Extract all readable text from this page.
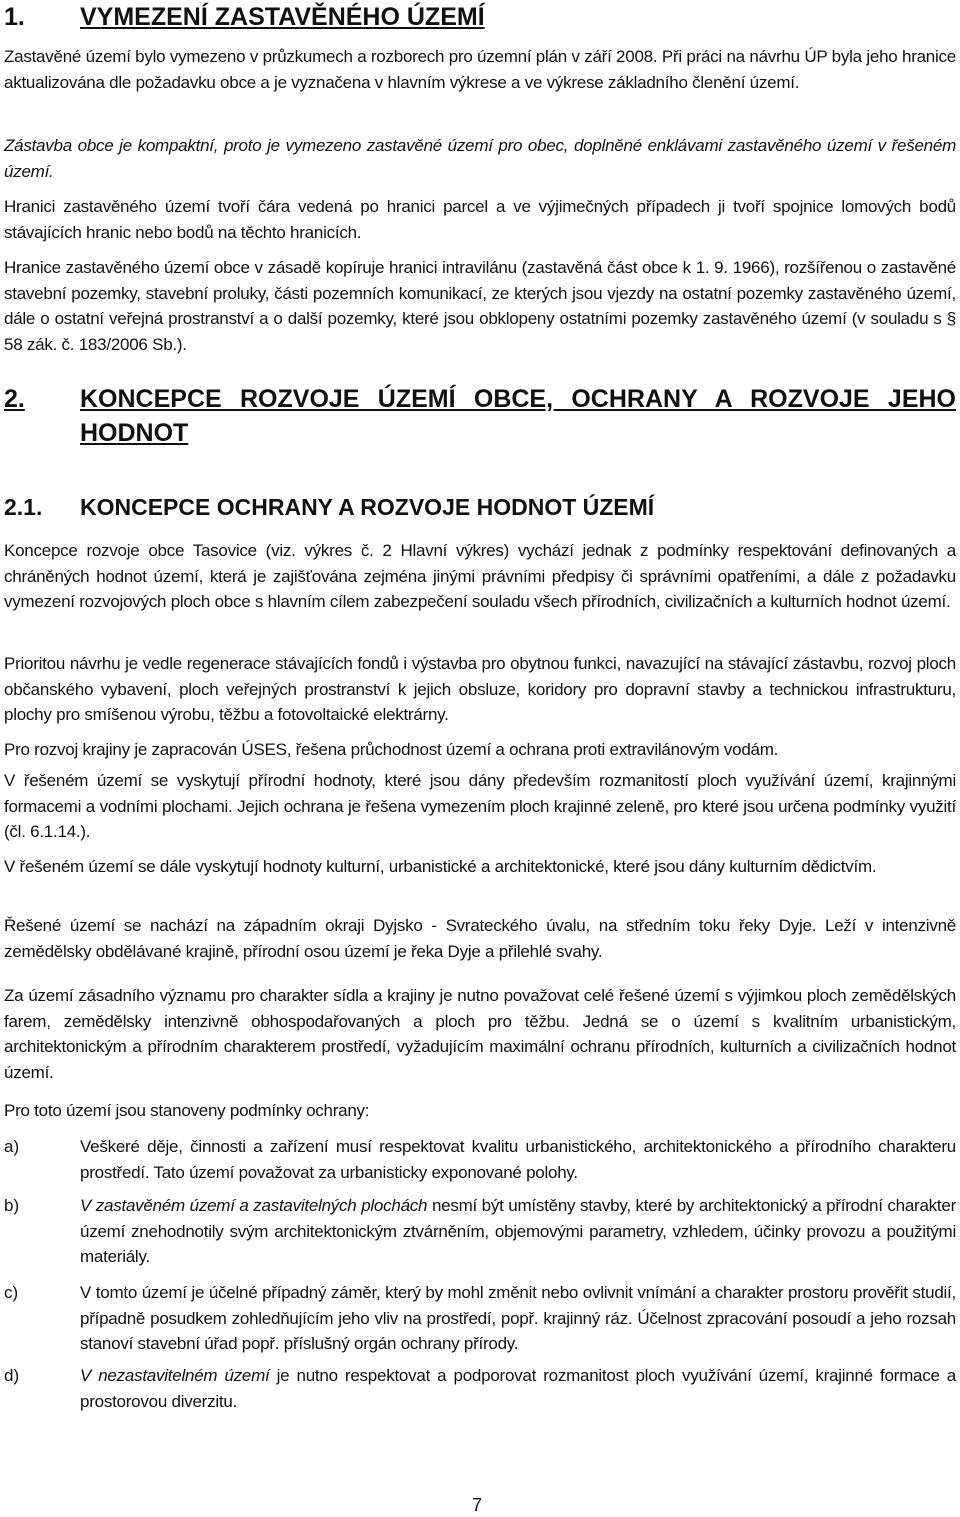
1. VYMEZENÍ ZASTAVĚNÉHO ÚZEMÍ
Zastavěné území bylo vymezeno v průzkumech a rozborech pro územní plán v září 2008. Při práci na návrhu ÚP byla jeho hranice aktualizována dle požadavku obce a je vyznačena v hlavním výkrese a ve výkrese základního členění území.
Zástavba obce je kompaktní, proto je vymezeno zastavěné území pro obec, doplněné enklávami zastavěného území v řešeném území.
Hranici zastavěného území tvoří čára vedená po hranici parcel a ve výjimečných případech ji tvoří spojnice lomových bodů stávajících hranic nebo bodů na těchto hranicích.
Hranice zastavěného území obce v zásadě kopíruje hranici intravilánu (zastavěná část obce k 1. 9. 1966), rozšířenou o zastavěné stavební pozemky, stavební proluky, části pozemních komunikací, ze kterých jsou vjezdy na ostatní pozemky zastavěného území, dále o ostatní veřejná prostranství a o další pozemky, které jsou obklopeny ostatními pozemky zastavěného území (v souladu s § 58 zák. č. 183/2006 Sb.).
2. KONCEPCE ROZVOJE ÚZEMÍ OBCE, OCHRANY A ROZVOJE JEHO HODNOT
2.1. KONCEPCE OCHRANY A ROZVOJE HODNOT ÚZEMÍ
Koncepce rozvoje obce Tasovice (viz. výkres č. 2 Hlavní výkres) vychází jednak z podmínky respektování definovaných a chráněných hodnot území, která je zajišťována zejména jinými právními předpisy či správními opatřeními, a dále z požadavku vymezení rozvojových ploch obce s hlavním cílem zabezpečení souladu všech přírodních, civilizačních a kulturních hodnot území.
Prioritou návrhu je vedle regenerace stávajících fondů i výstavba pro obytnou funkci, navazující na stávající zástavbu, rozvoj ploch občanského vybavení, ploch veřejných prostranství k jejich obsluze, koridory pro dopravní stavby a technickou infrastrukturu, plochy pro smíšenou výrobu, těžbu a fotovoltaické elektrárny.
Pro rozvoj krajiny je zapracován ÚSES, řešena průchodnost území a ochrana proti extravilánovým vodám.
V řešeném území se vyskytují přírodní hodnoty, které jsou dány především rozmanitostí ploch využívání území, krajinnými formacemi a vodními plochami. Jejich ochrana je řešena vymezením ploch krajinné zeleně, pro které jsou určena podmínky využití (čl. 6.1.14.).
V řešeném území se dále vyskytují hodnoty kulturní, urbanistické a architektonické, které jsou dány kulturním dědictvím.
Řešené území se nachází na západním okraji Dyjsko - Svrateckého úvalu, na středním toku řeky Dyje. Leží v intenzivně zemědělsky obdělávané krajině, přírodní osou území je řeka Dyje a přilehlé svahy.
Za území zásadního významu pro charakter sídla a krajiny je nutno považovat celé řešené území s výjimkou ploch zemědělských farem, zemědělsky intenzivně obhospodařovaných a ploch pro těžbu. Jedná se o území s kvalitním urbanistickým, architektonickým a přírodním charakterem prostředí, vyžadujícím maximální ochranu přírodních, kulturních a civilizačních hodnot území.
Pro toto území jsou stanoveny podmínky ochrany:
a)	Veškeré děje, činnosti a zařízení musí respektovat kvalitu urbanistického, architektonického a přírodního charakteru prostředí. Tato území považovat za urbanisticky exponované polohy.
b)	V zastavěném území a zastavitelných plochách nesmí být umístěny stavby, které by architektonický a přírodní charakter území znehodnotily svým architektonickým ztvárněním, objemovými parametry, vzhledem, účinky provozu a použitými materiály.
c)	V tomto území je účelné případný záměr, který by mohl změnit nebo ovlivnit vnímání a charakter prostoru prověřit studií, případně posudkem zohledňujícím jeho vliv na prostředí, popř. krajinný ráz. Účelnost zpracování posoudí a jeho rozsah stanoví stavební úřad popř. příslušný orgán ochrany přírody.
d)	V nezastavitelném území je nutno respektovat a podporovat rozmanitost ploch využívání území, krajinné formace a prostorovou diverzitu.
7
